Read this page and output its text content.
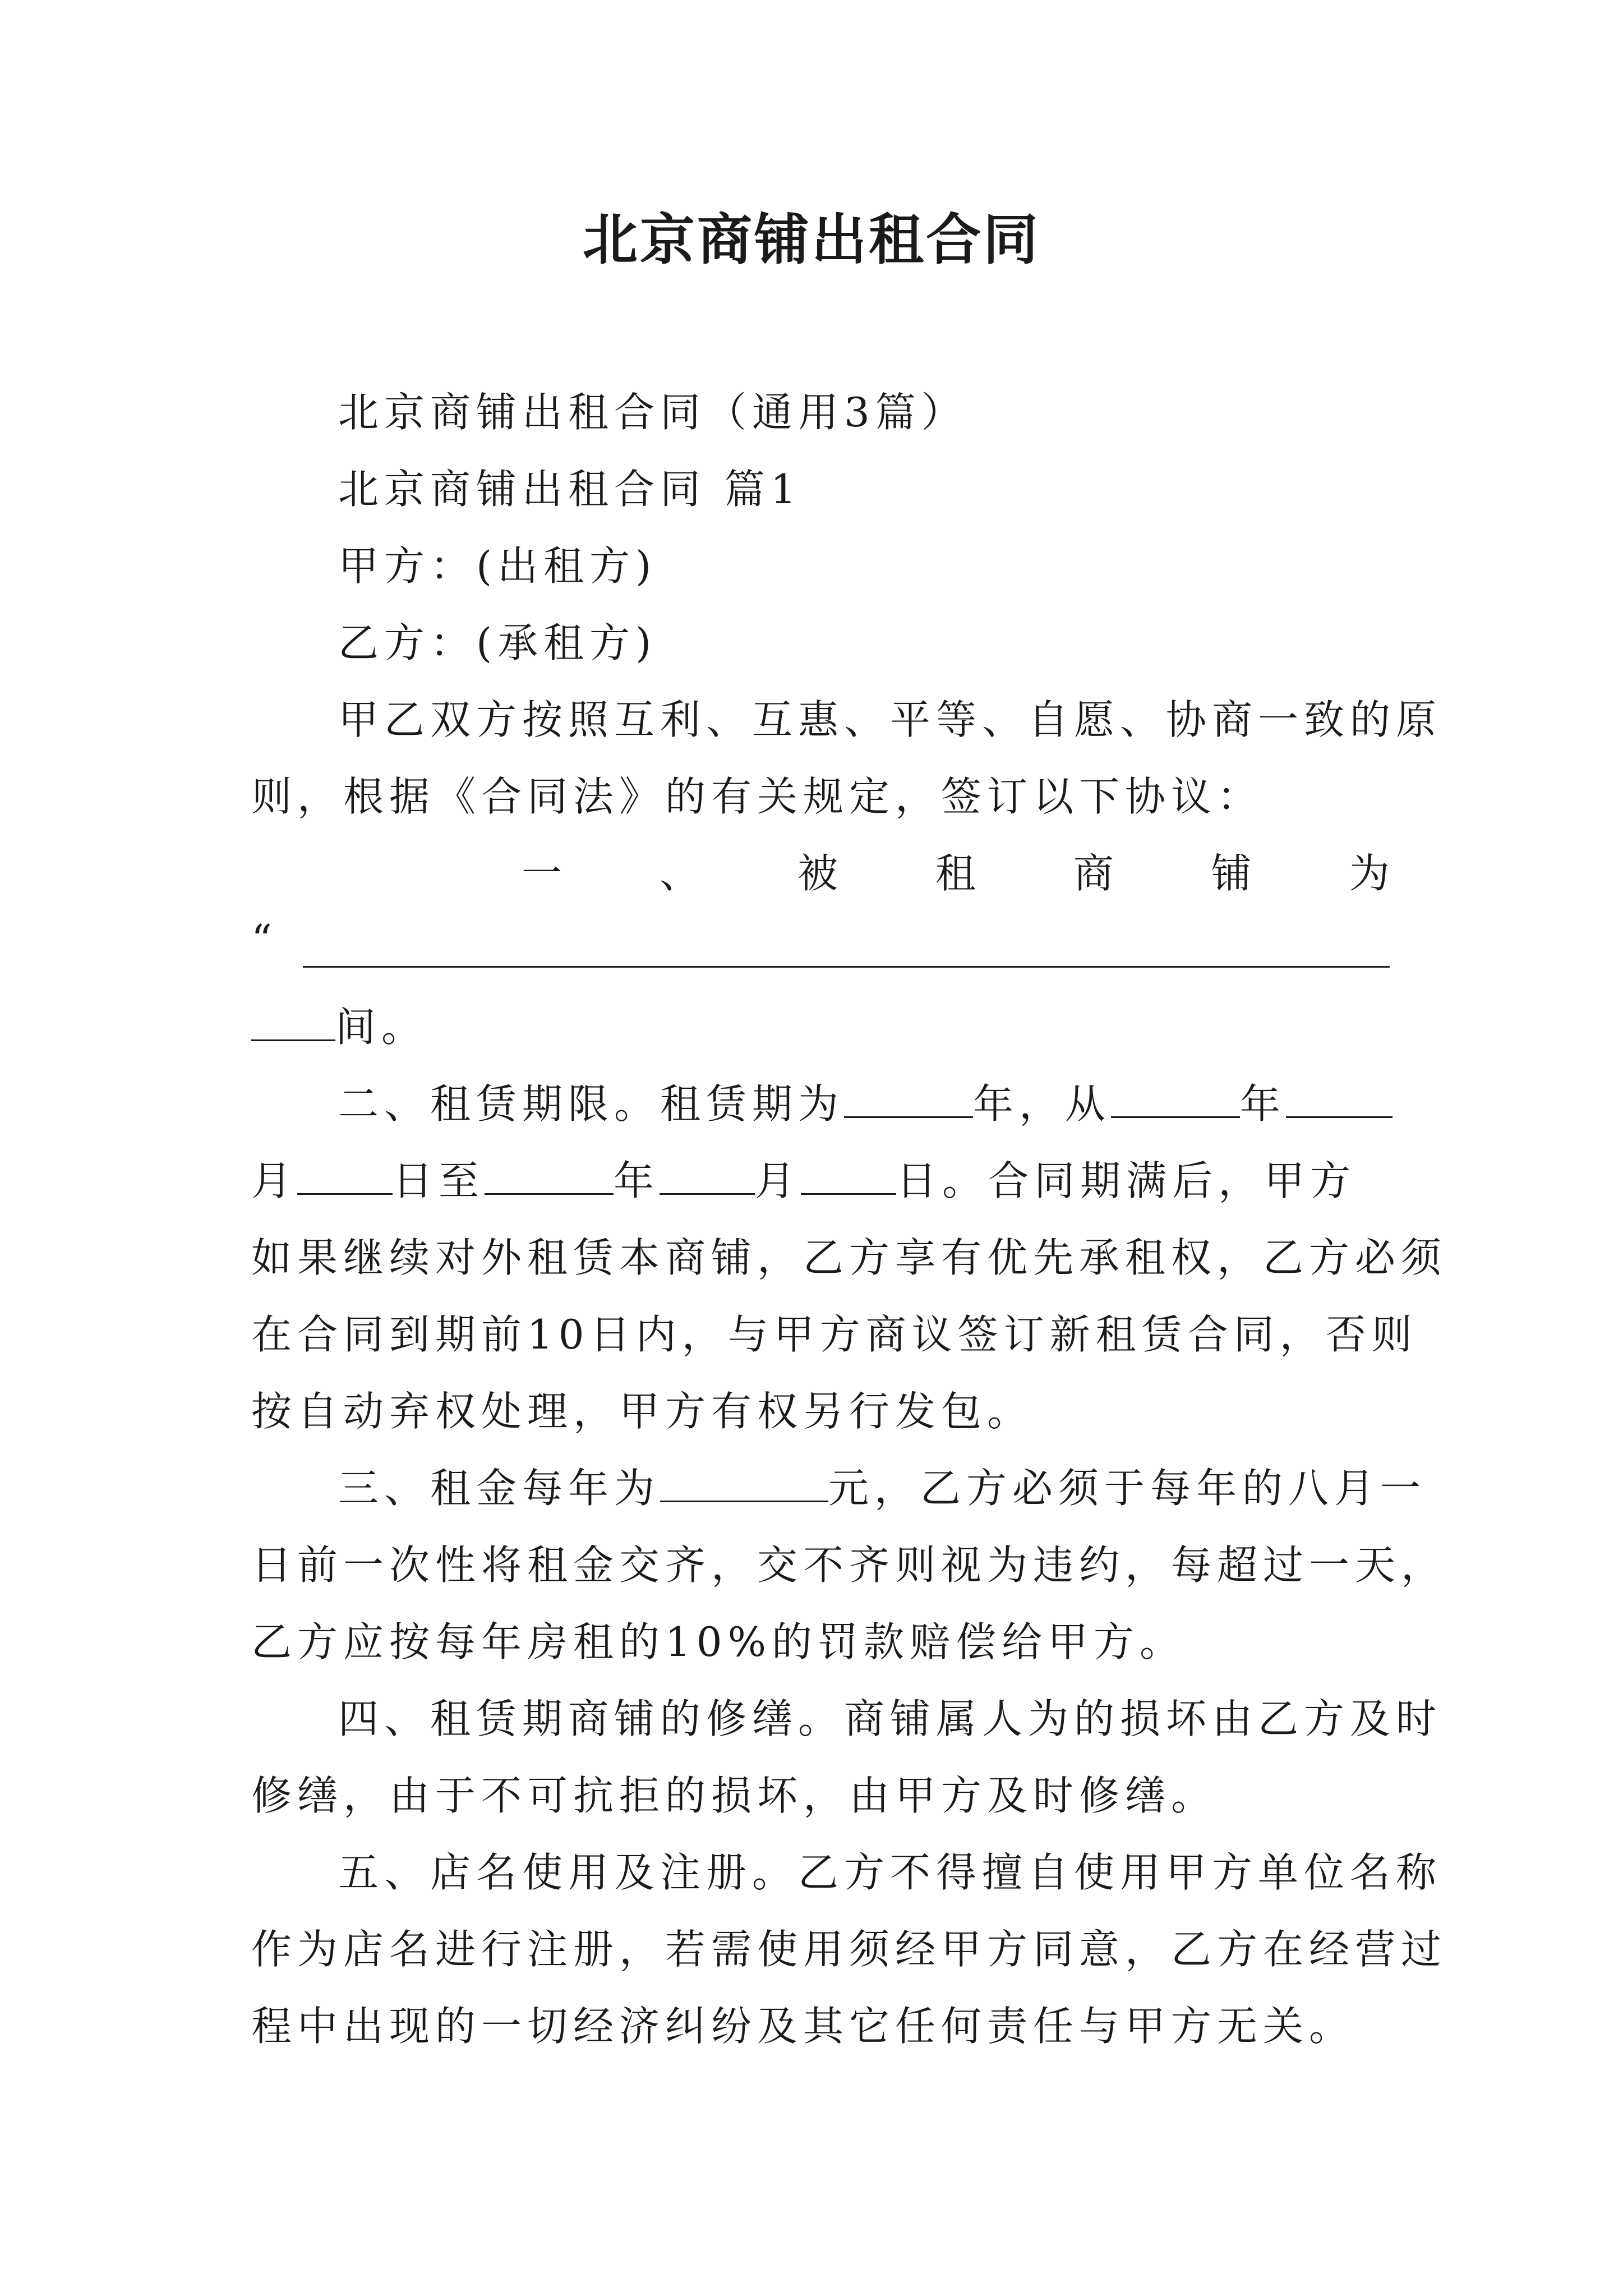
北京商铺出租合同
北京商铺出租合同（通用3篇）
北京商铺出租合同 篇1
甲方：(出租方)
乙方：(承租方)
甲乙双方按照互利、互惠、平等、自愿、协商一致的原
则，根据《合同法》的有关规定，签订以下协议：
一 、 被 租 商 铺 为
“
间。
二、租赁期限。租赁期为	年，从	年
月 日至	年 月 日。合同期满后，甲方
如果继续对外租赁本商铺，乙方享有优先承租权，乙方必须
在合同到期前10日内，与甲方商议签订新租赁合同，否则
按自动弃权处理，甲方有权另行发包。
三、租金每年为	元，乙方必须于每年的八月一
日前一次性将租金交齐，交不齐则视为违约，每超过一天，
乙方应按每年房租的10%的罚款赔偿给甲方。
四、租赁期商铺的修缮。商铺属人为的损坏由乙方及时
修缮，由于不可抗拒的损坏，由甲方及时修缮。
五、店名使用及注册。乙方不得擅自使用甲方单位名称
作为店名进行注册，若需使用须经甲方同意，乙方在经营过
程中出现的一切经济纠纷及其它任何责任与甲方无关。
